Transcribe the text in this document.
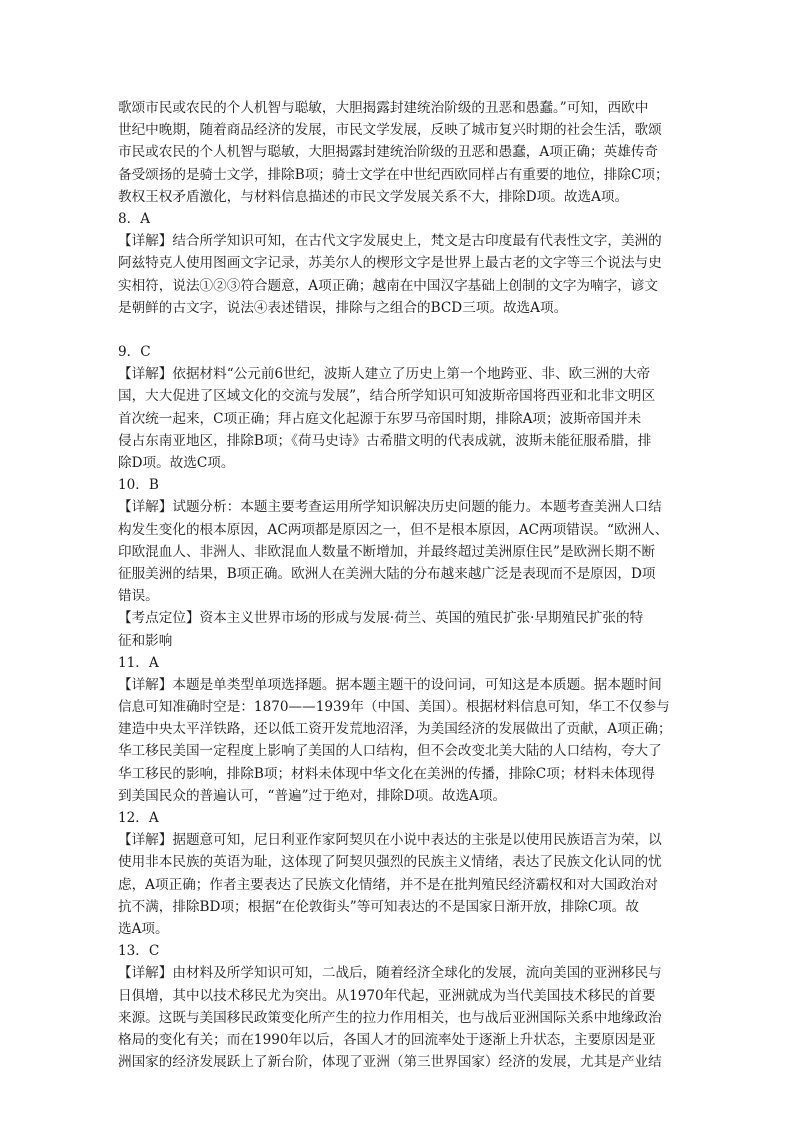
歌颂市民或农民的个人机智与聪敏，大胆揭露封建统治阶级的丑恶和愚蠢。”可知，西欧中
世纪中晚期，随着商品经济的发展，市民文学发展，反映了城市复兴时期的社会生活，歌颂
市民或农民的个人机智与聪敏，大胆揭露封建统治阶级的丑恶和愚蠢，A项正确；英雄传奇
备受颂扬的是骑士文学，排除B项；骑士文学在中世纪西欧同样占有重要的地位，排除C项；
教权王权矛盾激化，与材料信息描述的市民文学发展关系不大，排除D项。故选A项。
8．A
【详解】结合所学知识可知，在古代文字发展史上，梵文是古印度最有代表性文字，美洲的
阿兹特克人使用图画文字记录，苏美尔人的楔形文字是世界上最古老的文字等三个说法与史
实相符，说法①②③符合题意，A项正确；越南在中国汉字基础上创制的文字为喃字，谚文
是朝鲜的古文字，说法④表述错误，排除与之组合的BCD三项。故选A项。
9．C
【详解】依据材料“公元前6世纪，波斯人建立了历史上第一个地跨亚、非、欧三洲的大帝
国，大大促进了区域文化的交流与发展”，结合所学知识可知波斯帝国将西亚和北非文明区
首次统一起来，C项正确；拜占庭文化起源于东罗马帝国时期，排除A项；波斯帝国并未
侵占东南亚地区，排除B项；《荷马史诗》古希腊文明的代表成就，波斯未能征服希腊，排
除D项。故选C项。
10．B
【详解】试题分析：本题主要考查运用所学知识解决历史问题的能力。本题考查美洲人口结
构发生变化的根本原因，AC两项都是原因之一，但不是根本原因，AC两项错误。“欧洲人、
印欧混血人、非洲人、非欧混血人数量不断增加，并最终超过美洲原住民”是欧洲长期不断
征服美洲的结果，B项正确。欧洲人在美洲大陆的分布越来越广泛是表现而不是原因，D项
错误。
【考点定位】资本主义世界市场的形成与发展·荷兰、英国的殖民扩张·早期殖民扩张的特
征和影响
11．A
【详解】本题是单类型单项选择题。据本题主题干的设问词，可知这是本质题。据本题时间
信息可知准确时空是：1870——1939年（中国、美国）。根据材料信息可知，华工不仅参与
建造中央太平洋铁路，还以低工资开发荒地沼泽，为美国经济的发展做出了贡献，A项正确；
华工移民美国一定程度上影响了美国的人口结构，但不会改变北美大陆的人口结构，夸大了
华工移民的影响，排除B项；材料未体现中华文化在美洲的传播，排除C项；材料未体现得
到美国民众的普遍认可，“普遍”过于绝对，排除D项。故选A项。
12．A
【详解】据题意可知，尼日利亚作家阿契贝在小说中表达的主张是以使用民族语言为荣，以
使用非本民族的英语为耻，这体现了阿契贝强烈的民族主义情绪，表达了民族文化认同的忧
虑，A项正确；作者主要表达了民族文化情绪，并不是在批判殖民经济霸权和对大国政治对
抗不满，排除BD项；根据“在伦敦街头”等可知表达的不是国家日渐开放，排除C项。故
选A项。
13．C
【详解】由材料及所学知识可知，二战后，随着经济全球化的发展，流向美国的亚洲移民与
日俱增，其中以技术移民尤为突出。从1970年代起，亚洲就成为当代美国技术移民的首要
来源。这既与美国移民政策变化所产生的拉力作用相关，也与战后亚洲国际关系中地缘政治
格局的变化有关；而在1990年以后，各国人才的回流率处于逐渐上升状态，主要原因是亚
洲国家的经济发展跃上了新台阶，体现了亚洲（第三世界国家）经济的发展，尤其是产业结
